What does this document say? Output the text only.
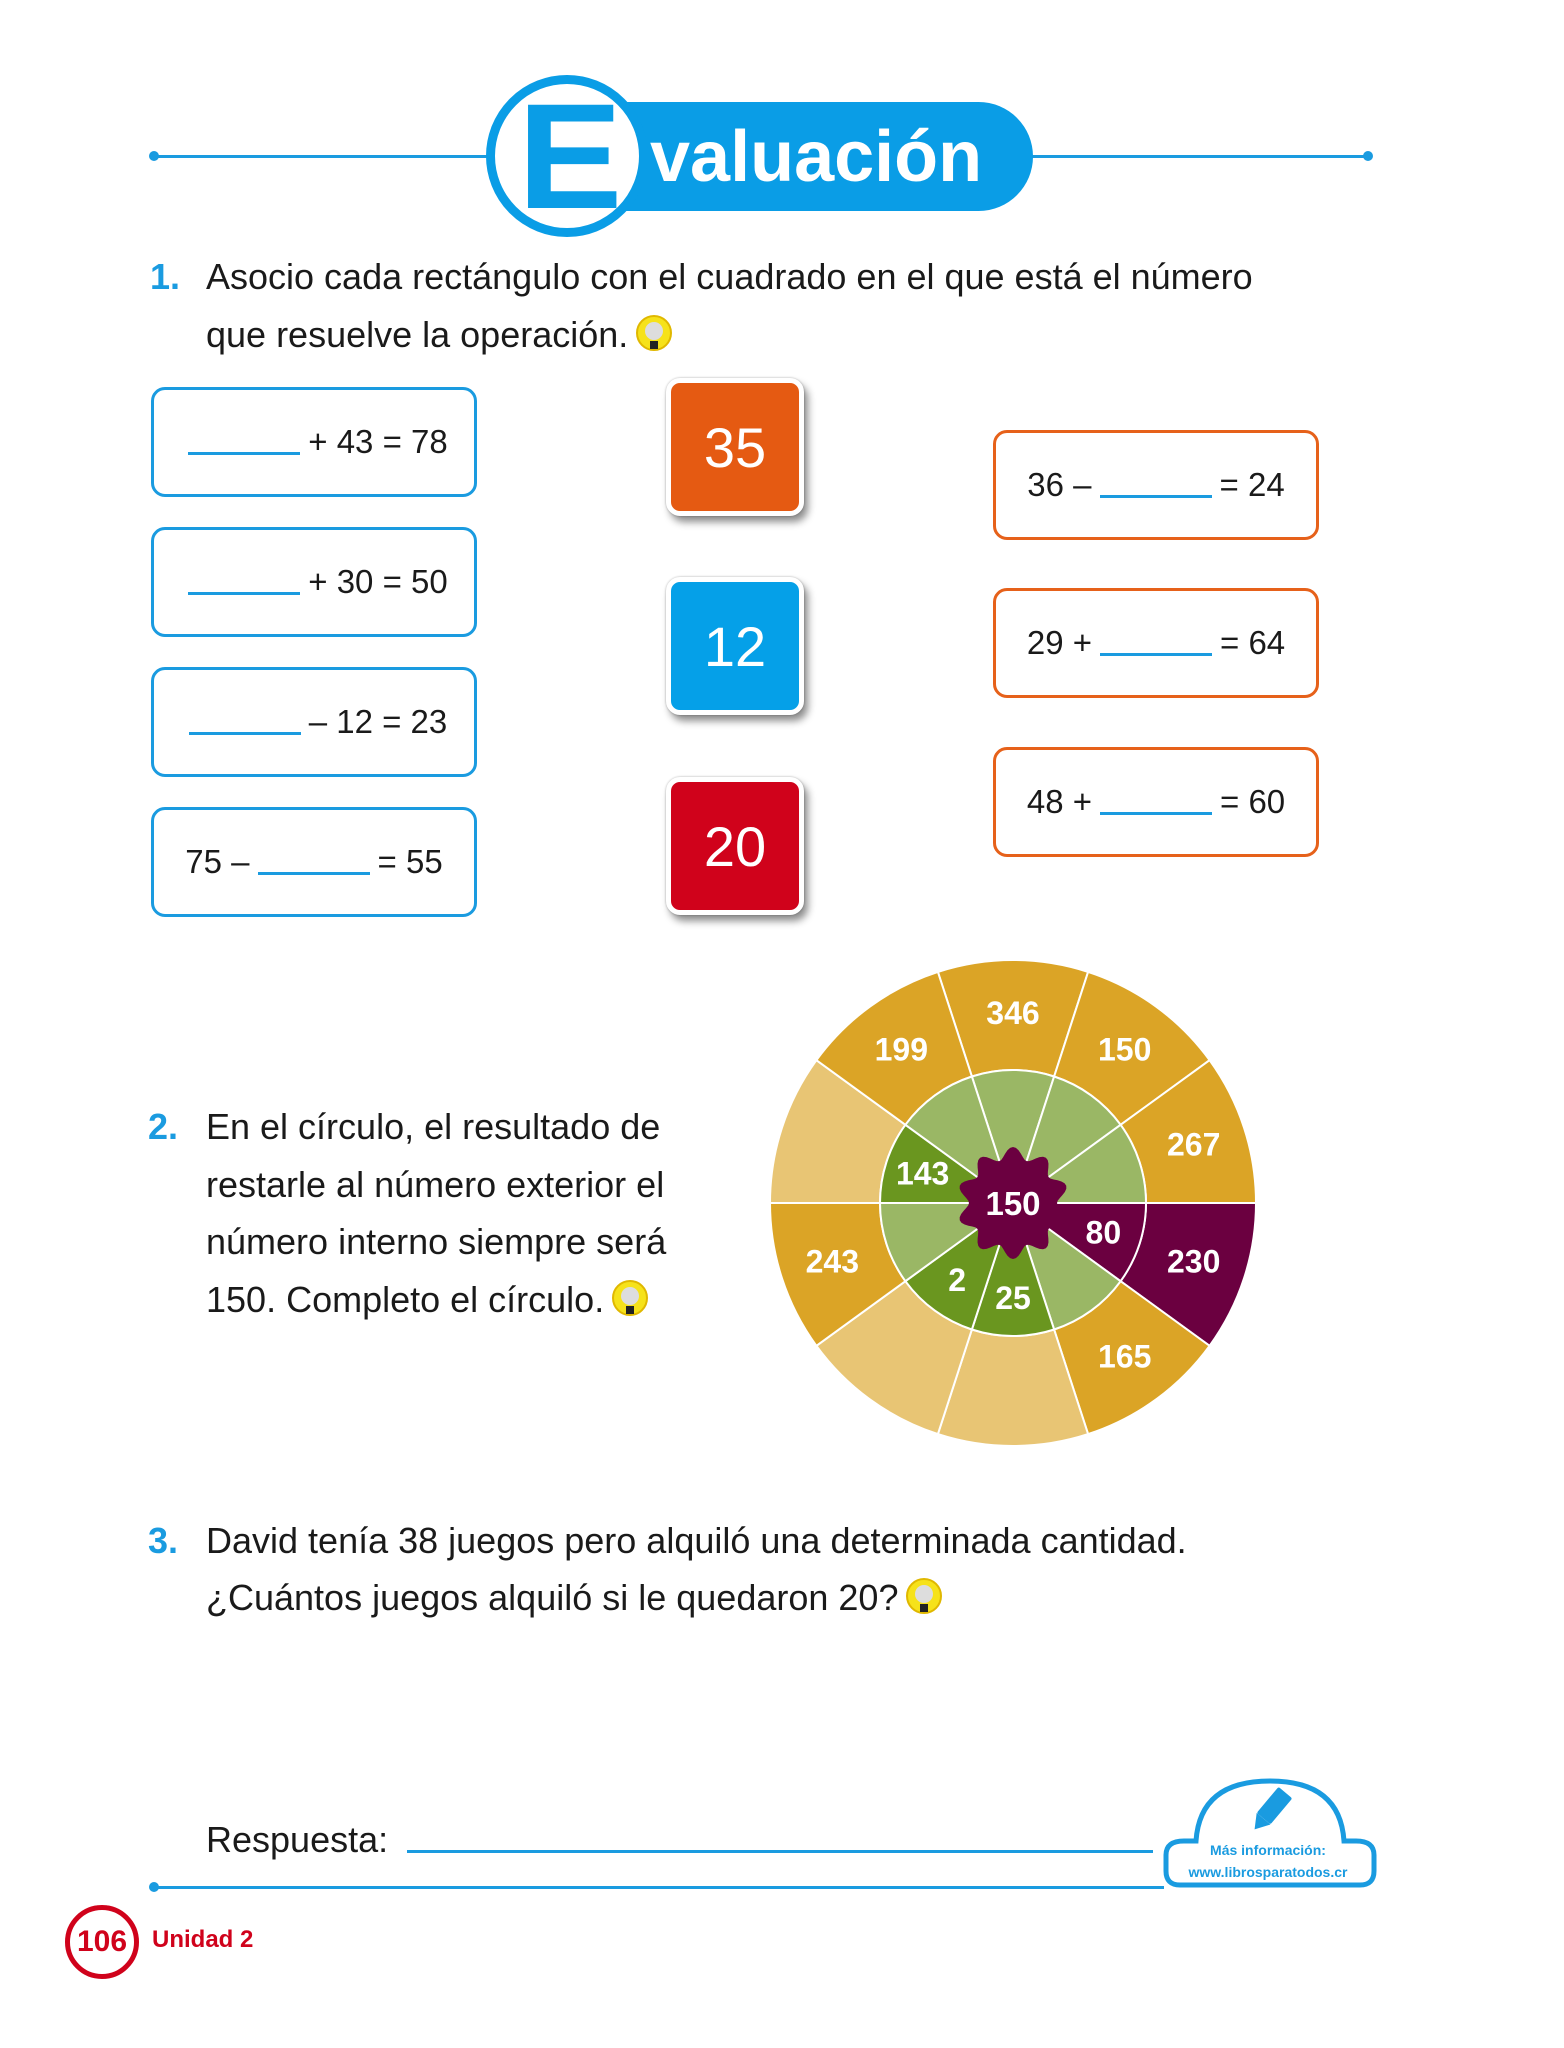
E valuación
1. Asocio cada rectángulo con el cuadrado en el que está el número
que resuelve la operación.
+ 43 = 78
+ 30 = 50
– 12 = 23
75 –	= 55
35
12
20
36 –	= 24
29 +	= 64
48 +	= 60
2. En el círculo, el resultado de
restarle al número exterior el
número interno siempre será
150. Completo el círculo.
346
150
267
230
80
165
25
2
243
143
199
150
3. David tenía 38 juegos pero alquiló una determinada cantidad.
¿Cuántos juegos alquiló si le quedaron 20?
Respuesta:	Más información:
www.librosparatodos.cr
106	Unidad 2
